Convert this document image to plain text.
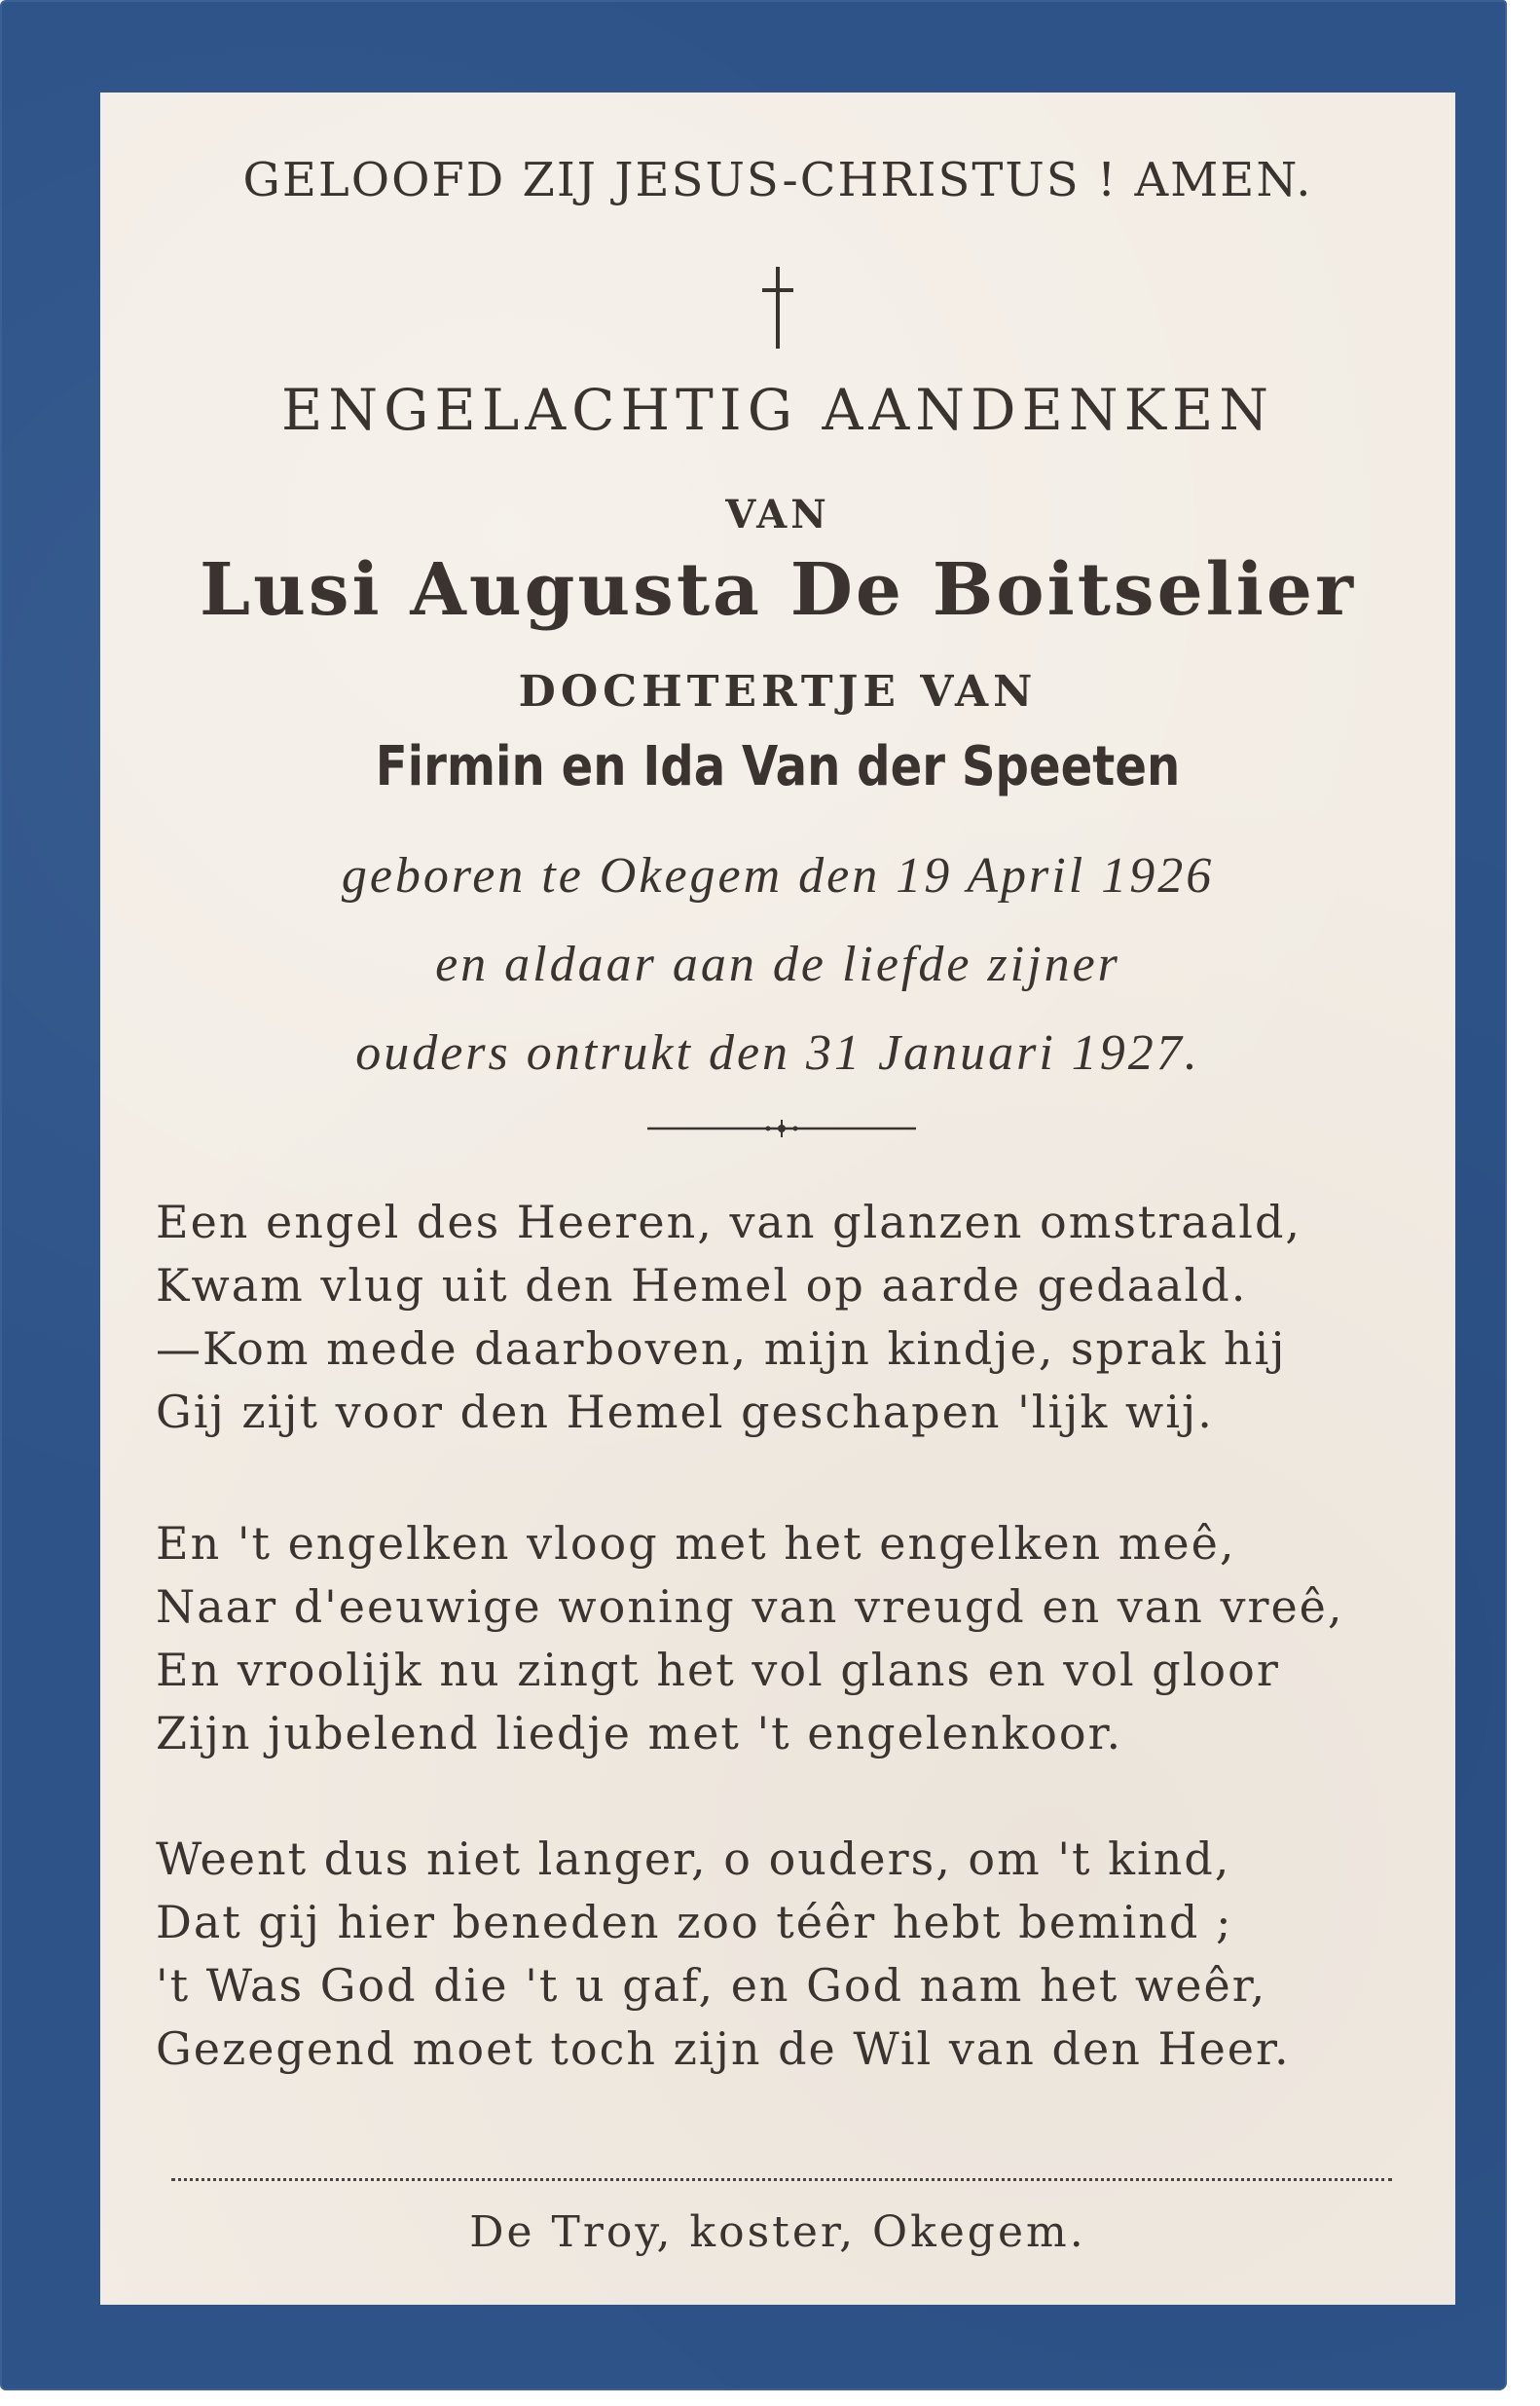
GELOOFD ZIJ JESUS-CHRISTUS ! AMEN.
ENGELACHTIG AANDENKEN
VAN
Lusi Augusta De Boitselier
DOCHTERTJE VAN
Firmin en Ida Van der Speeten
geboren te Okegem den 19 April 1926
en aldaar aan de liefde zijner
ouders ontrukt den 31 Januari 1927.
Een engel des Heeren, van glanzen omstraald,
Kwam vlug uit den Hemel op aarde gedaald.
—Kom mede daarboven, mijn kindje, sprak hij
Gij zijt voor den Hemel geschapen 'lijk wij.
En 't engelken vloog met het engelken meê,
Naar d'eeuwige woning van vreugd en van vreê,
En vroolijk nu zingt het vol glans en vol gloor
Zijn jubelend liedje met 't engelenkoor.
Weent dus niet langer, o ouders, om 't kind,
Dat gij hier beneden zoo téêr hebt bemind ;
't Was God die 't u gaf, en God nam het weêr,
Gezegend moet toch zijn de Wil van den Heer.
De Troy, koster, Okegem.
